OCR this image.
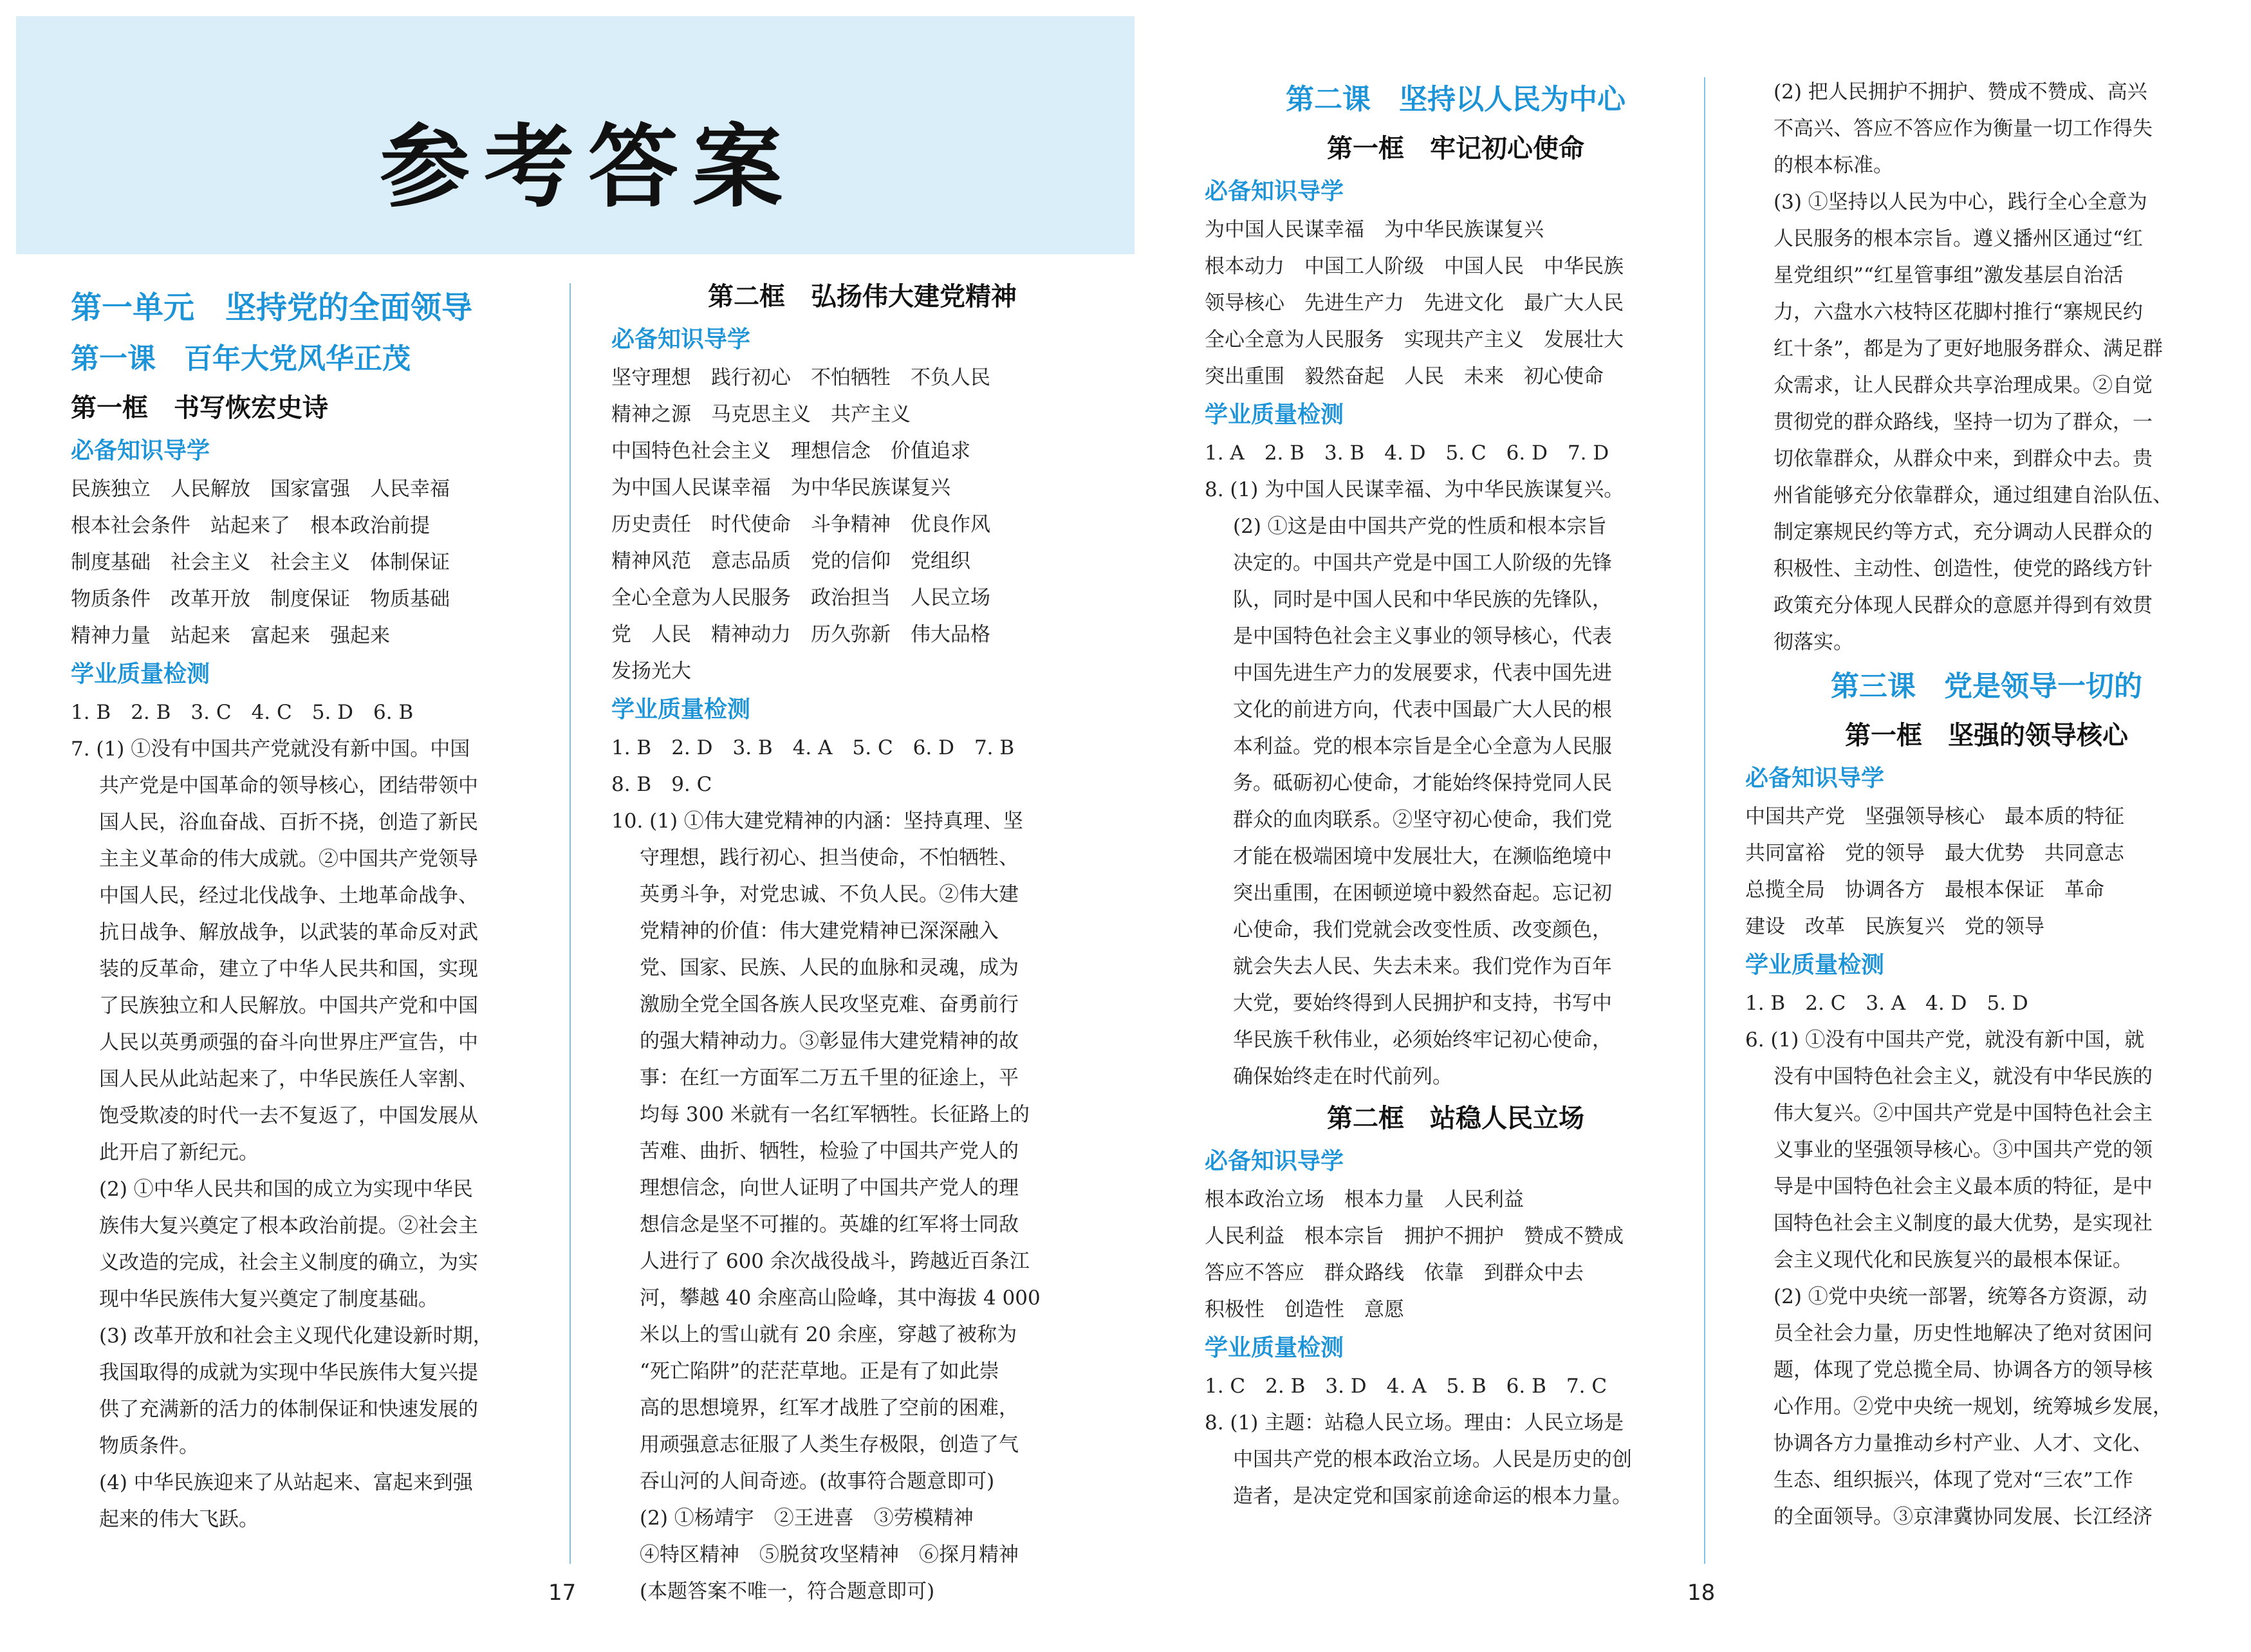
参考答案

第一单元　坚持党的全面领导

第一课　百年大党风华正茂

第一框　书写恢宏史诗

必备知识导学

民族独立　人民解放　国家富强　人民幸福

根本社会条件　站起来了　根本政治前提

制度基础　社会主义　社会主义　体制保证

物质条件　改革开放　制度保证　物质基础

精神力量　站起来　富起来　强起来

学业质量检测

1. B　2. B　3. C　4. C　5. D　6. B

7. (1) ①没有中国共产党就没有新中国。中国

共产党是中国革命的领导核心，团结带领中

国人民，浴血奋战、百折不挠，创造了新民

主主义革命的伟大成就。②中国共产党领导

中国人民，经过北伐战争、土地革命战争、

抗日战争、解放战争，以武装的革命反对武

装的反革命，建立了中华人民共和国，实现

了民族独立和人民解放。中国共产党和中国

人民以英勇顽强的奋斗向世界庄严宣告，中

国人民从此站起来了，中华民族任人宰割、

饱受欺凌的时代一去不复返了，中国发展从

此开启了新纪元。

(2) ①中华人民共和国的成立为实现中华民

族伟大复兴奠定了根本政治前提。②社会主

义改造的完成，社会主义制度的确立，为实

现中华民族伟大复兴奠定了制度基础。

(3) 改革开放和社会主义现代化建设新时期，

我国取得的成就为实现中华民族伟大复兴提

供了充满新的活力的体制保证和快速发展的

物质条件。

(4) 中华民族迎来了从站起来、富起来到强

起来的伟大飞跃。

第二框　弘扬伟大建党精神

必备知识导学

坚守理想　践行初心　不怕牺牲　不负人民

精神之源　马克思主义　共产主义

中国特色社会主义　理想信念　价值追求

为中国人民谋幸福　为中华民族谋复兴

历史责任　时代使命　斗争精神　优良作风

精神风范　意志品质　党的信仰　党组织

全心全意为人民服务　政治担当　人民立场

党　人民　精神动力　历久弥新　伟大品格

发扬光大

学业质量检测

1. B　2. D　3. B　4. A　5. C　6. D　7. B

8. B　9. C

10. (1) ①伟大建党精神的内涵：坚持真理、坚

守理想，践行初心、担当使命，不怕牺牲、

英勇斗争，对党忠诚、不负人民。②伟大建

党精神的价值：伟大建党精神已深深融入

党、国家、民族、人民的血脉和灵魂，成为

激励全党全国各族人民攻坚克难、奋勇前行

的强大精神动力。③彰显伟大建党精神的故

事：在红一方面军二万五千里的征途上，平

均每 300 米就有一名红军牺牲。长征路上的

苦难、曲折、牺牲，检验了中国共产党人的

理想信念，向世人证明了中国共产党人的理

想信念是坚不可摧的。英雄的红军将士同敌

人进行了 600 余次战役战斗，跨越近百条江

河，攀越 40 余座高山险峰，其中海拔 4 000

米以上的雪山就有 20 余座，穿越了被称为

“死亡陷阱”的茫茫草地。正是有了如此崇

高的思想境界，红军才战胜了空前的困难，

用顽强意志征服了人类生存极限，创造了气

吞山河的人间奇迹。(故事符合题意即可)

(2) ①杨靖宇　②王进喜　③劳模精神

④特区精神　⑤脱贫攻坚精神　⑥探月精神

(本题答案不唯一，符合题意即可)

第二课　坚持以人民为中心

第一框　牢记初心使命

必备知识导学

为中国人民谋幸福　为中华民族谋复兴

根本动力　中国工人阶级　中国人民　中华民族

领导核心　先进生产力　先进文化　最广大人民

全心全意为人民服务　实现共产主义　发展壮大

突出重围　毅然奋起　人民　未来　初心使命

学业质量检测

1. A　2. B　3. B　4. D　5. C　6. D　7. D

8. (1) 为中国人民谋幸福、为中华民族谋复兴。

(2) ①这是由中国共产党的性质和根本宗旨

决定的。中国共产党是中国工人阶级的先锋

队，同时是中国人民和中华民族的先锋队，

是中国特色社会主义事业的领导核心，代表

中国先进生产力的发展要求，代表中国先进

文化的前进方向，代表中国最广大人民的根

本利益。党的根本宗旨是全心全意为人民服

务。砥砺初心使命，才能始终保持党同人民

群众的血肉联系。②坚守初心使命，我们党

才能在极端困境中发展壮大，在濒临绝境中

突出重围，在困顿逆境中毅然奋起。忘记初

心使命，我们党就会改变性质、改变颜色，

就会失去人民、失去未来。我们党作为百年

大党，要始终得到人民拥护和支持，书写中

华民族千秋伟业，必须始终牢记初心使命，

确保始终走在时代前列。

第二框　站稳人民立场

必备知识导学

根本政治立场　根本力量　人民利益

人民利益　根本宗旨　拥护不拥护　赞成不赞成

答应不答应　群众路线　依靠　到群众中去

积极性　创造性　意愿

学业质量检测

1. C　2. B　3. D　4. A　5. B　6. B　7. C

8. (1) 主题：站稳人民立场。理由：人民立场是

中国共产党的根本政治立场。人民是历史的创

造者，是决定党和国家前途命运的根本力量。

(2) 把人民拥护不拥护、赞成不赞成、高兴

不高兴、答应不答应作为衡量一切工作得失

的根本标准。

(3) ①坚持以人民为中心，践行全心全意为

人民服务的根本宗旨。遵义播州区通过“红

星党组织”“红星管事组”激发基层自治活

力，六盘水六枝特区花脚村推行“寨规民约

红十条”，都是为了更好地服务群众、满足群

众需求，让人民群众共享治理成果。②自觉

贯彻党的群众路线，坚持一切为了群众，一

切依靠群众，从群众中来，到群众中去。贵

州省能够充分依靠群众，通过组建自治队伍、

制定寨规民约等方式，充分调动人民群众的

积极性、主动性、创造性，使党的路线方针

政策充分体现人民群众的意愿并得到有效贯

彻落实。

第三课　党是领导一切的

第一框　坚强的领导核心

必备知识导学

中国共产党　坚强领导核心　最本质的特征

共同富裕　党的领导　最大优势　共同意志

总揽全局　协调各方　最根本保证　革命

建设　改革　民族复兴　党的领导

学业质量检测

1. B　2. C　3. A　4. D　5. D

6. (1) ①没有中国共产党，就没有新中国，就

没有中国特色社会主义，就没有中华民族的

伟大复兴。②中国共产党是中国特色社会主

义事业的坚强领导核心。③中国共产党的领

导是中国特色社会主义最本质的特征，是中

国特色社会主义制度的最大优势，是实现社

会主义现代化和民族复兴的最根本保证。

(2) ①党中央统一部署，统筹各方资源，动

员全社会力量，历史性地解决了绝对贫困问

题，体现了党总揽全局、协调各方的领导核

心作用。②党中央统一规划，统筹城乡发展，

协调各方力量推动乡村产业、人才、文化、

生态、组织振兴，体现了党对“三农”工作

的全面领导。③京津冀协同发展、长江经济

17	18
